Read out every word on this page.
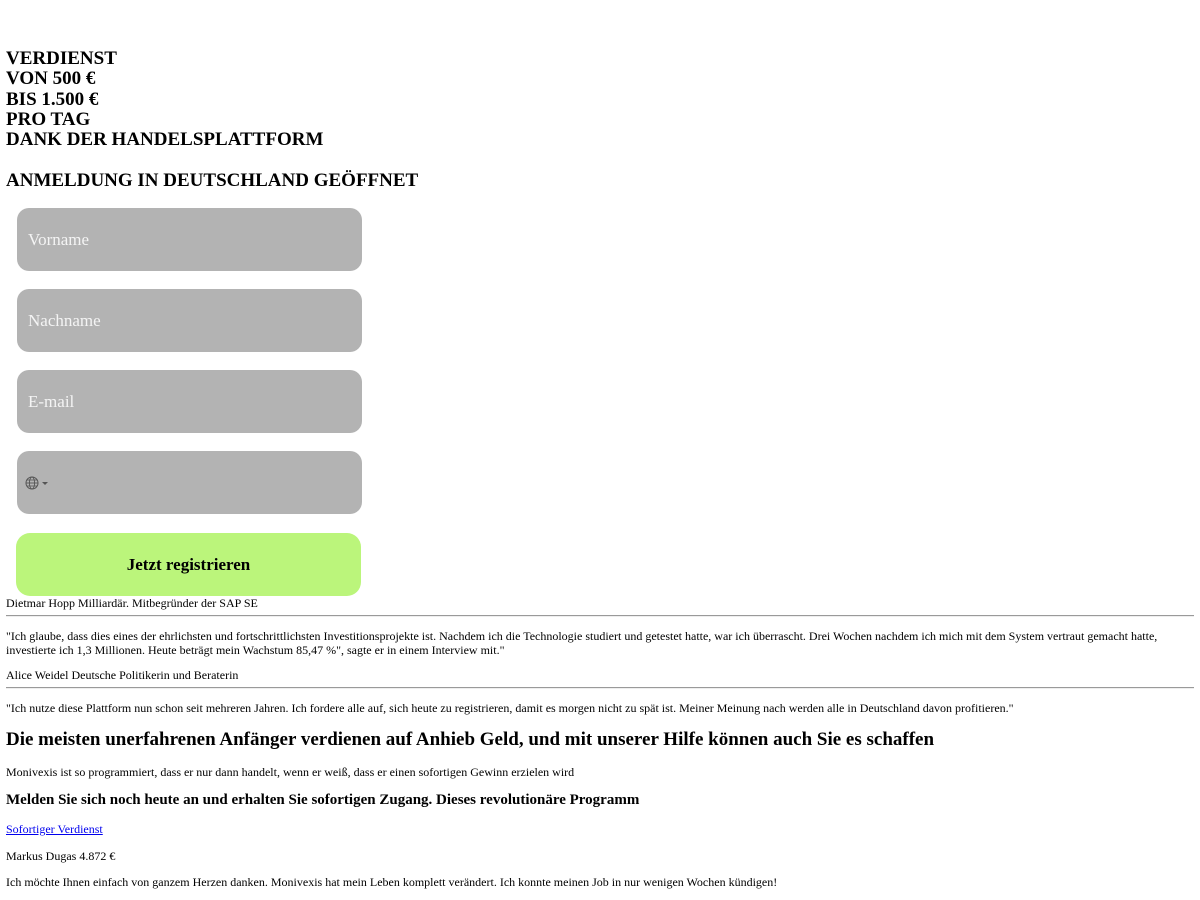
VERDIENST
VON 500 €
BIS 1.500 €
PRO TAG
DANK DER HANDELSPLATTFORM
ANMELDUNG IN DEUTSCHLAND GEÖFFNET
Vorname
Nachname
E-mail
Jetzt registrieren

Dietmar Hopp Milliardär. Mitbegründer der SAP SE

"Ich glaube, dass dies eines der ehrlichsten und fortschrittlichsten Investitionsprojekte ist. Nachdem ich die Technologie studiert und getestet hatte, war ich überrascht. Drei Wochen nachdem ich mich mit dem System vertraut gemacht hatte, investierte ich 1,3 Millionen. Heute beträgt mein Wachstum 85,47 %", sagte er in einem Interview mit."

Alice Weidel Deutsche Politikerin und Beraterin

"Ich nutze diese Plattform nun schon seit mehreren Jahren. Ich fordere alle auf, sich heute zu registrieren, damit es morgen nicht zu spät ist. Meiner Meinung nach werden alle in Deutschland davon profitieren."

Die meisten unerfahrenen Anfänger verdienen auf Anhieb Geld, und mit unserer Hilfe können auch Sie es schaffen

Monivexis ist so programmiert, dass er nur dann handelt, wenn er weiß, dass er einen sofortigen Gewinn erzielen wird

Melden Sie sich noch heute an und erhalten Sie sofortigen Zugang. Dieses revolutionäre Programm
Sofortiger Verdienst

Markus Dugas 4.872 €

Ich möchte Ihnen einfach von ganzem Herzen danken. Monivexis hat mein Leben komplett verändert. Ich konnte meinen Job in nur wenigen Wochen kündigen!
